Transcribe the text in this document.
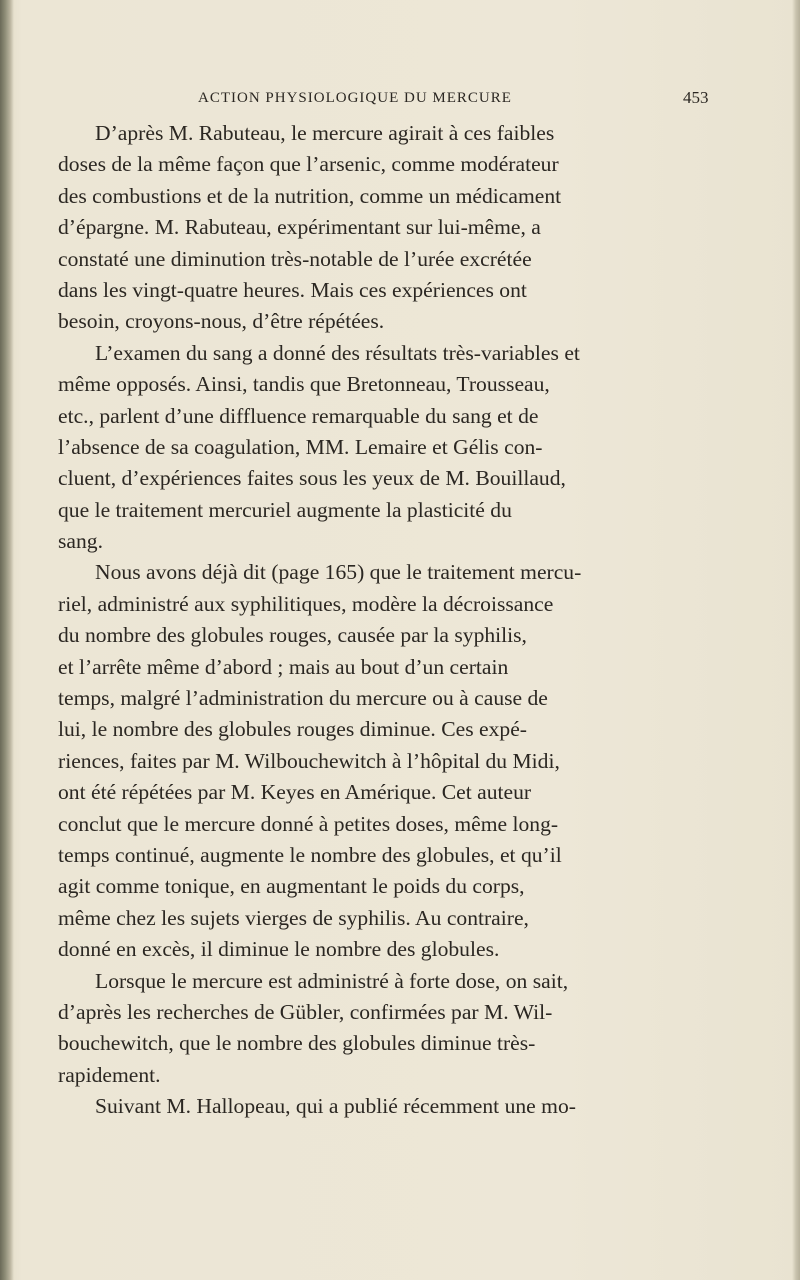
ACTION PHYSIOLOGIQUE DU MERCURE	453
D’après M. Rabuteau, le mercure agirait à ces faibles
doses de la même façon que l’arsenic, comme modérateur
des combustions et de la nutrition, comme un médicament
d’épargne. M. Rabuteau, expérimentant sur lui-même, a
constaté une diminution très-notable de l’urée excrétée
dans les vingt-quatre heures. Mais ces expériences ont
besoin, croyons-nous, d’être répétées.
L’examen du sang a donné des résultats très-variables et
même opposés. Ainsi, tandis que Bretonneau, Trousseau,
etc., parlent d’une diffluence remarquable du sang et de
l’absence de sa coagulation, MM. Lemaire et Gélis con-
cluent, d’expériences faites sous les yeux de M. Bouillaud,
que le traitement mercuriel augmente la plasticité du
sang.
Nous avons déjà dit (page 165) que le traitement mercu-
riel, administré aux syphilitiques, modère la décroissance
du nombre des globules rouges, causée par la syphilis,
et l’arrête même d’abord ; mais au bout d’un certain
temps, malgré l’administration du mercure ou à cause de
lui, le nombre des globules rouges diminue. Ces expé-
riences, faites par M. Wilbouchewitch à l’hôpital du Midi,
ont été répétées par M. Keyes en Amérique. Cet auteur
conclut que le mercure donné à petites doses, même long-
temps continué, augmente le nombre des globules, et qu’il
agit comme tonique, en augmentant le poids du corps,
même chez les sujets vierges de syphilis. Au contraire,
donné en excès, il diminue le nombre des globules.
Lorsque le mercure est administré à forte dose, on sait,
d’après les recherches de Gübler, confirmées par M. Wil-
bouchewitch, que le nombre des globules diminue très-
rapidement.
Suivant M. Hallopeau, qui a publié récemment une mo-
